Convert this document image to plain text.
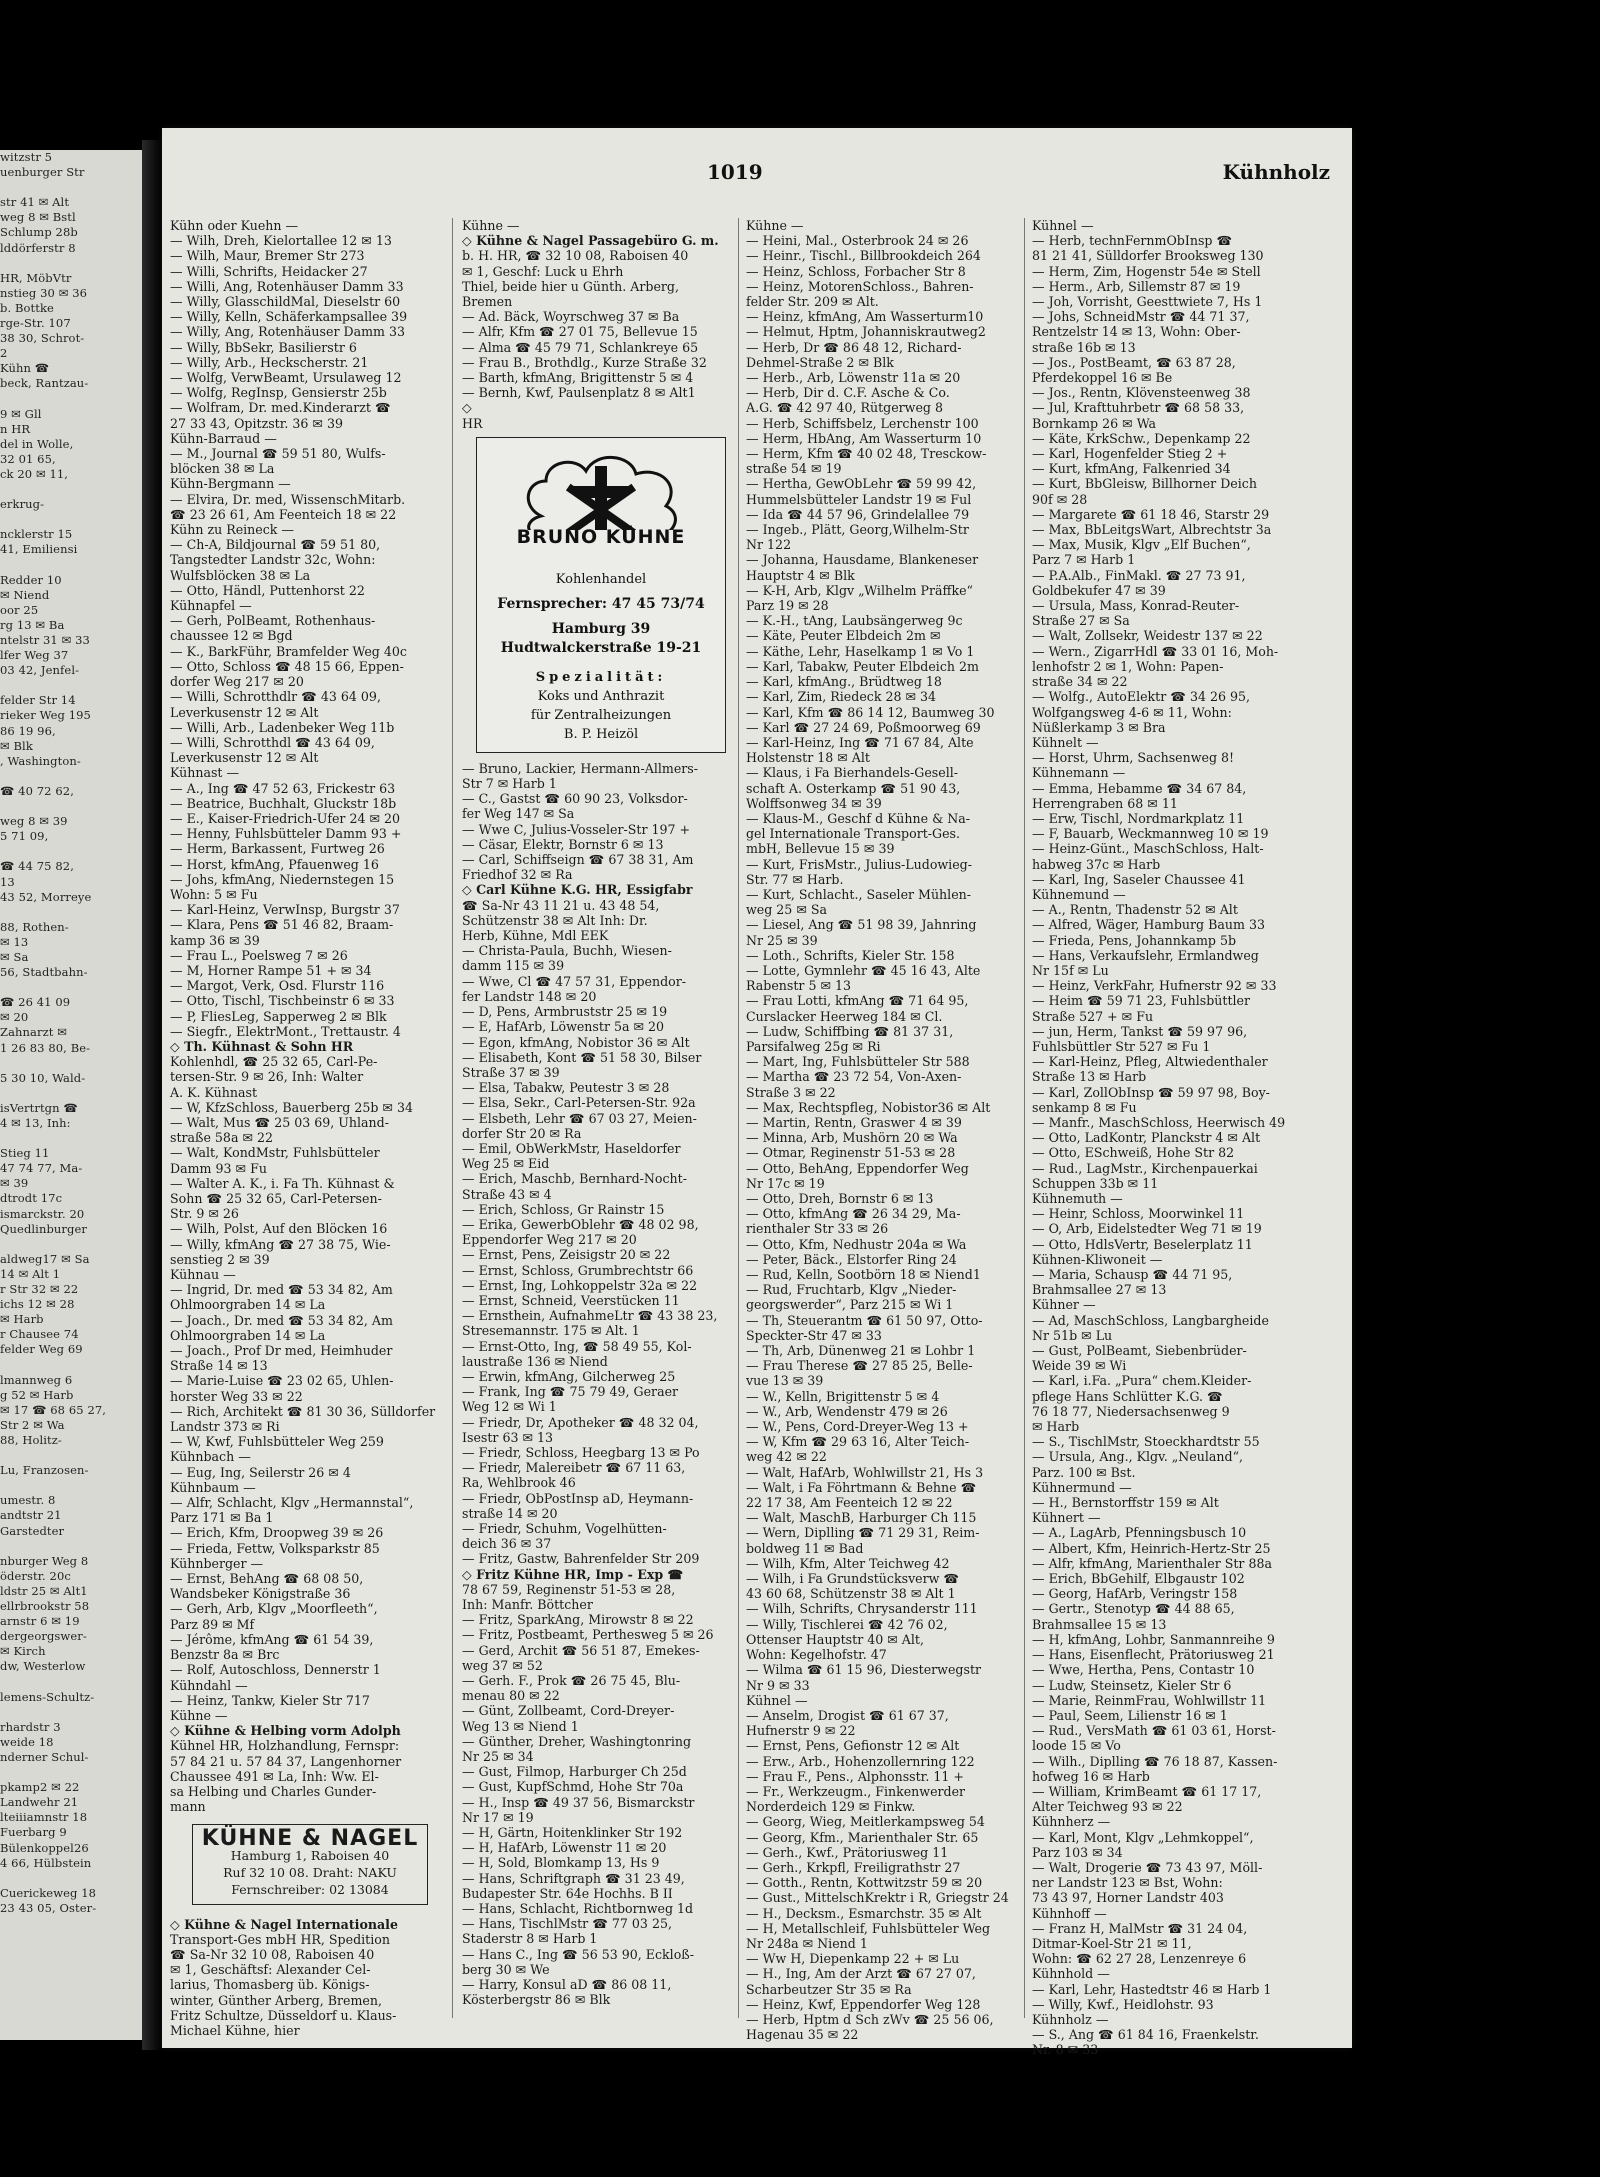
witzstr 5
uenburger Str

str 41 ✉ Alt
weg 8 ✉ Bstl
Schlump 28b
lddörferstr 8

HR, MöbVtr
nstieg 30 ✉ 36
b. Bottke
rge-Str. 107
38 30, Schrot-
2
Kühn ☎
beck, Rantzau-

9 ✉ Gll
n HR
del in Wolle,
32 01 65,
ck 20 ✉ 11,

erkrug-

ncklerstr 15
41, Emiliensi

Redder 10
✉ Niend
oor 25
rg 13 ✉ Ba
ntelstr 31 ✉ 33
lfer Weg 37
03 42, Jenfel-

felder Str 14
rieker Weg 195
86 19 96,
✉ Blk
, Washington-

☎ 40 72 62,

weg 8 ✉ 39
5 71 09,

☎ 44 75 82,
13
43 52, Morreye

88, Rothen-
✉ 13
✉ Sa
56, Stadtbahn-

☎ 26 41 09
✉ 20
Zahnarzt ✉
1 26 83 80, Be-

5 30 10, Wald-

isVertrtgn ☎
4 ✉ 13, Inh:

Stieg 11
47 74 77, Ma-
✉ 39
dtrodt 17c
ismarckstr. 20
Quedlinburger

aldweg17 ✉ Sa
14 ✉ Alt 1
r Str 32 ✉ 22
ichs 12 ✉ 28
✉ Harb
r Chausee 74
felder Weg 69

lmannweg 6
g 52 ✉ Harb
✉ 17 ☎ 68 65 27,
Str 2 ✉ Wa
88, Holitz-

Lu, Franzosen-

umestr. 8
andtstr 21
Garstedter

nburger Weg 8
öderstr. 20c
ldstr 25 ✉ Alt1
ellrbrookstr 58
arnstr 6 ✉ 19
dergeorgswer-
✉ Kirch
dw, Westerlow

lemens-Schultz-

rhardstr 3
weide 18
nderner Schul-

pkamp2 ✉ 22
Landwehr 21
lteiiiamnstr 18
Fuerbarg 9
Bülenkoppel26
4 66, Hülbstein

Cuerickeweg 18
23 43 05, Oster-
1019	Kühnholz
Kühn oder Kuehn —
— Wilh, Dreh, Kielortallee 12 ✉ 13
— Wilh, Maur, Bremer Str 273
— Willi, Schrifts, Heidacker 27
— Willi, Ang, Rotenhäuser Damm 33
— Willy, GlasschildMal, Dieselstr 60
— Willy, Kelln, Schäferkampsallee 39
— Willy, Ang, Rotenhäuser Damm 33
— Willy, BbSekr, Basilierstr 6
— Willy, Arb., Heckscherstr. 21
— Wolfg, VerwBeamt, Ursulaweg 12
— Wolfg, RegInsp, Gensierstr 25b
— Wolfram, Dr. med.Kinderarzt ☎
27 33 43, Opitzstr. 36 ✉ 39
Kühn-Barraud —
— M., Journal ☎ 59 51 80, Wulfs-
blöcken 38 ✉ La
Kühn-Bergmann —
— Elvira, Dr. med, WissenschMitarb.
☎ 23 26 61, Am Feenteich 18 ✉ 22
Kühn zu Reineck —
— Ch-A, Bildjournal ☎ 59 51 80,
Tangstedter Landstr 32c, Wohn:
Wulfsblöcken 38 ✉ La
— Otto, Händl, Puttenhorst 22
Kühnapfel —
— Gerh, PolBeamt, Rothenhaus-
chaussee 12 ✉ Bgd
— K., BarkFühr, Bramfelder Weg 40c
— Otto, Schloss ☎ 48 15 66, Eppen-
dorfer Weg 217 ✉ 20
— Willi, Schrotthdlr ☎ 43 64 09,
Leverkusenstr 12 ✉ Alt
— Willi, Arb., Ladenbeker Weg 11b
— Willi, Schrotthdl ☎ 43 64 09,
Leverkusenstr 12 ✉ Alt
Kühnast —
— A., Ing ☎ 47 52 63, Frickestr 63
— Beatrice, Buchhalt, Gluckstr 18b
— E., Kaiser-Friedrich-Ufer 24 ✉ 20
— Henny, Fuhlsbütteler Damm 93 +
— Herm, Barkassent, Furtweg 26
— Horst, kfmAng, Pfauenweg 16
— Johs, kfmAng, Niedernstegen 15
Wohn: 5 ✉ Fu
— Karl-Heinz, VerwInsp, Burgstr 37
— Klara, Pens ☎ 51 46 82, Braam-
kamp 36 ✉ 39
— Frau L., Poelsweg 7 ✉ 26
— M, Horner Rampe 51 + ✉ 34
— Margot, Verk, Osd. Flurstr 116
— Otto, Tischl, Tischbeinstr 6 ✉ 33
— P, FliesLeg, Sapperweg 2 ✉ Blk
— Siegfr., ElektrMont., Trettaustr. 4
◇ Th. Kühnast & Sohn HR
Kohlenhdl, ☎ 25 32 65, Carl-Pe-
tersen-Str. 9 ✉ 26, Inh: Walter
A. K. Kühnast
— W, KfzSchloss, Bauerberg 25b ✉ 34
— Walt, Mus ☎ 25 03 69, Uhland-
straße 58a ✉ 22
— Walt, KondMstr, Fuhlsbütteler
Damm 93 ✉ Fu
— Walter A. K., i. Fa Th. Kühnast &
Sohn ☎ 25 32 65, Carl-Petersen-
Str. 9 ✉ 26
— Wilh, Polst, Auf den Blöcken 16
— Willy, kfmAng ☎ 27 38 75, Wie-
senstieg 2 ✉ 39
Kühnau —
— Ingrid, Dr. med ☎ 53 34 82, Am
Ohlmoorgraben 14 ✉ La
— Joach., Dr. med ☎ 53 34 82, Am
Ohlmoorgraben 14 ✉ La
— Joach., Prof Dr med, Heimhuder
Straße 14 ✉ 13
— Marie-Luise ☎ 23 02 65, Uhlen-
horster Weg 33 ✉ 22
— Rich, Architekt ☎ 81 30 36, Sülldorfer
Landstr 373 ✉ Ri
— W, Kwf, Fuhlsbütteler Weg 259
Kühnbach —
— Eug, Ing, Seilerstr 26 ✉ 4
Kühnbaum —
— Alfr, Schlacht, Klgv „Hermannstal“,
Parz 171 ✉ Ba 1
— Erich, Kfm, Droopweg 39 ✉ 26
— Frieda, Fettw, Volksparkstr 85
Kühnberger —
— Ernst, BehAng ☎ 68 08 50,
Wandsbeker Königstraße 36
— Gerh, Arb, Klgv „Moorfleeth“,
Parz 89 ✉ Mf
— Jérôme, kfmAng ☎ 61 54 39,
Benzstr 8a ✉ Brc
— Rolf, Autoschloss, Dennerstr 1
Kühndahl —
— Heinz, Tankw, Kieler Str 717
Kühne —
◇ Kühne & Helbing vorm Adolph
Kühnel HR, Holzhandlung, Fernspr:
57 84 21 u. 57 84 37, Langenhorner
Chaussee 491 ✉ La, Inh: Ww. El-
sa Helbing und Charles Gunder-
mann
KÜHNE & NAGEL
Hamburg 1, Raboisen 40
Ruf 32 10 08. Draht: NAKU
Fernschreiber: 02 13084
◇ Kühne & Nagel Internationale
Transport-Ges mbH HR, Spedition
☎ Sa-Nr 32 10 08, Raboisen 40
✉ 1, Geschäftsf: Alexander Cel-
larius, Thomasberg üb. Königs-
winter, Günther Arberg, Bremen,
Fritz Schultze, Düsseldorf u. Klaus-
Michael Kühne, hier
Kühne —
◇ Kühne & Nagel Passagebüro G. m.
b. H. HR, ☎ 32 10 08, Raboisen 40
✉ 1, Geschf: Luck u Ehrh
Thiel, beide hier u Günth. Arberg,
Bremen
— Ad. Bäck, Woyrschweg 37 ✉ Ba
— Alfr, Kfm ☎ 27 01 75, Bellevue 15
— Alma ☎ 45 79 71, Schlankreye 65
— Frau B., Brothdlg., Kurze Straße 32
— Barth, kfmAng, Brigittenstr 5 ✉ 4
— Bernh, Kwf, Paulsenplatz 8 ✉ Alt1
◇
HR
BRUNO KÜHNE
Kohlenhandel
Fernsprecher: 47 45 73/74
Hamburg 39
Hudtwalckerstraße 19-21
Spezialität:
Koks und Anthrazit
für Zentralheizungen
B. P. Heizöl
— Bruno, Lackier, Hermann-Allmers-
Str 7 ✉ Harb 1
— C., Gastst ☎ 60 90 23, Volksdor-
fer Weg 147 ✉ Sa
— Wwe C, Julius-Vosseler-Str 197 +
— Cäsar, Elektr, Bornstr 6 ✉ 13
— Carl, Schiffseign ☎ 67 38 31, Am
Friedhof 32 ✉ Ra
◇ Carl Kühne K.G. HR, Essigfabr
☎ Sa-Nr 43 11 21 u. 43 48 54,
Schützenstr 38 ✉ Alt Inh: Dr.
Herb, Kühne, Mdl EEK
— Christa-Paula, Buchh, Wiesen-
damm 115 ✉ 39
— Wwe, Cl ☎ 47 57 31, Eppendor-
fer Landstr 148 ✉ 20
— D, Pens, Armbruststr 25 ✉ 19
— E, HafArb, Löwenstr 5a ✉ 20
— Egon, kfmAng, Nobistor 36 ✉ Alt
— Elisabeth, Kont ☎ 51 58 30, Bilser
Straße 37 ✉ 39
— Elsa, Tabakw, Peutestr 3 ✉ 28
— Elsa, Sekr., Carl-Petersen-Str. 92a
— Elsbeth, Lehr ☎ 67 03 27, Meien-
dorfer Str 20 ✉ Ra
— Emil, ObWerkMstr, Haseldorfer
Weg 25 ✉ Eid
— Erich, Maschb, Bernhard-Nocht-
Straße 43 ✉ 4
— Erich, Schloss, Gr Rainstr 15
— Erika, GewerbOblehr ☎ 48 02 98,
Eppendorfer Weg 217 ✉ 20
— Ernst, Pens, Zeisigstr 20 ✉ 22
— Ernst, Schloss, Grumbrechtstr 66
— Ernst, Ing, Lohkoppelstr 32a ✉ 22
— Ernst, Schneid, Veerstücken 11
— Ernsthein, AufnahmeLtr ☎ 43 38 23,
Stresemannstr. 175 ✉ Alt. 1
— Ernst-Otto, Ing, ☎ 58 49 55, Kol-
laustraße 136 ✉ Niend
— Erwin, kfmAng, Gilcherweg 25
— Frank, Ing ☎ 75 79 49, Geraer
Weg 12 ✉ Wi 1
— Friedr, Dr, Apotheker ☎ 48 32 04,
Isestr 63 ✉ 13
— Friedr, Schloss, Heegbarg 13 ✉ Po
— Friedr, Malereibetr ☎ 67 11 63,
Ra, Wehlbrook 46
— Friedr, ObPostInsp aD, Heymann-
straße 14 ✉ 20
— Friedr, Schuhm, Vogelhütten-
deich 36 ✉ 37
— Fritz, Gastw, Bahrenfelder Str 209
◇ Fritz Kühne HR, Imp - Exp ☎
78 67 59, Reginenstr 51-53 ✉ 28,
Inh: Manfr. Böttcher
— Fritz, SparkAng, Mirowstr 8 ✉ 22
— Fritz, Postbeamt, Perthesweg 5 ✉ 26
— Gerd, Archit ☎ 56 51 87, Emekes-
weg 37 ✉ 52
— Gerh. F., Prok ☎ 26 75 45, Blu-
menau 80 ✉ 22
— Günt, Zollbeamt, Cord-Dreyer-
Weg 13 ✉ Niend 1
— Günther, Dreher, Washingtonring
Nr 25 ✉ 34
— Gust, Filmop, Harburger Ch 25d
— Gust, KupfSchmd, Hohe Str 70a
— H., Insp ☎ 49 37 56, Bismarckstr
Nr 17 ✉ 19
— H, Gärtn, Hoitenklinker Str 192
— H, HafArb, Löwenstr 11 ✉ 20
— H, Sold, Blomkamp 13, Hs 9
— Hans, Schriftgraph ☎ 31 23 49,
Budapester Str. 64e Hochhs. B II
— Hans, Schlacht, Richtbornweg 1d
— Hans, TischlMstr ☎ 77 03 25,
Staderstr 8 ✉ Harb 1
— Hans C., Ing ☎ 56 53 90, Eckloß-
berg 30 ✉ We
— Harry, Konsul aD ☎ 86 08 11,
Kösterbergstr 86 ✉ Blk
Kühne —
— Heini, Mal., Osterbrook 24 ✉ 26
— Heinr., Tischl., Billbrookdeich 264
— Heinz, Schloss, Forbacher Str 8
— Heinz, MotorenSchloss., Bahren-
felder Str. 209 ✉ Alt.
— Heinz, kfmAng, Am Wasserturm10
— Helmut, Hptm, Johanniskrautweg2
— Herb, Dr ☎ 86 48 12, Richard-
Dehmel-Straße 2 ✉ Blk
— Herb., Arb, Löwenstr 11a ✉ 20
— Herb, Dir d. C.F. Asche & Co.
A.G. ☎ 42 97 40, Rütgerweg 8
— Herb, Schiffsbelz, Lerchenstr 100
— Herm, HbAng, Am Wasserturm 10
— Herm, Kfm ☎ 40 02 48, Tresckow-
straße 54 ✉ 19
— Hertha, GewObLehr ☎ 59 99 42,
Hummelsbütteler Landstr 19 ✉ Ful
— Ida ☎ 44 57 96, Grindelallee 79
— Ingeb., Plätt, Georg,Wilhelm-Str
Nr 122
— Johanna, Hausdame, Blankeneser
Hauptstr 4 ✉ Blk
— K-H, Arb, Klgv „Wilhelm Präffke“
Parz 19 ✉ 28
— K.-H., tAng, Laubsängerweg 9c
— Käte, Peuter Elbdeich 2m ✉
— Käthe, Lehr, Haselkamp 1 ✉ Vo 1
— Karl, Tabakw, Peuter Elbdeich 2m
— Karl, kfmAng., Brüdtweg 18
— Karl, Zim, Riedeck 28 ✉ 34
— Karl, Kfm ☎ 86 14 12, Baumweg 30
— Karl ☎ 27 24 69, Poßmoorweg 69
— Karl-Heinz, Ing ☎ 71 67 84, Alte
Holstenstr 18 ✉ Alt
— Klaus, i Fa Bierhandels-Gesell-
schaft A. Osterkamp ☎ 51 90 43,
Wolffsonweg 34 ✉ 39
— Klaus-M., Geschf d Kühne & Na-
gel Internationale Transport-Ges.
mbH, Bellevue 15 ✉ 39
— Kurt, FrisMstr., Julius-Ludowieg-
Str. 77 ✉ Harb.
— Kurt, Schlacht., Saseler Mühlen-
weg 25 ✉ Sa
— Liesel, Ang ☎ 51 98 39, Jahnring
Nr 25 ✉ 39
— Loth., Schrifts, Kieler Str. 158
— Lotte, Gymnlehr ☎ 45 16 43, Alte
Rabenstr 5 ✉ 13
— Frau Lotti, kfmAng ☎ 71 64 95,
Curslacker Heerweg 184 ✉ Cl.
— Ludw, Schiffbing ☎ 81 37 31,
Parsifalweg 25g ✉ Ri
— Mart, Ing, Fuhlsbütteler Str 588
— Martha ☎ 23 72 54, Von-Axen-
Straße 3 ✉ 22
— Max, Rechtspfleg, Nobistor36 ✉ Alt
— Martin, Rentn, Graswег 4 ✉ 39
— Minna, Arb, Mushörn 20 ✉ Wa
— Otmar, Reginenstr 51-53 ✉ 28
— Otto, BehAng, Eppendorfer Weg
Nr 17c ✉ 19
— Otto, Dreh, Bornstr 6 ✉ 13
— Otto, kfmAng ☎ 26 34 29, Ma-
rienthaler Str 33 ✉ 26
— Otto, Kfm, Nedhustr 204a ✉ Wa
— Peter, Bäck., Elstorfer Ring 24
— Rud, Kelln, Sootbörn 18 ✉ Niend1
— Rud, Fruchtarb, Klgv „Nieder-
georgswerder“, Parz 215 ✉ Wi 1
— Th, Steuerantm ☎ 61 50 97, Otto-
Speckter-Str 47 ✉ 33
— Th, Arb, Dünenweg 21 ✉ Lohbr 1
— Frau Therese ☎ 27 85 25, Belle-
vue 13 ✉ 39
— W., Kelln, Brigittenstr 5 ✉ 4
— W., Arb, Wendenstr 479 ✉ 26
— W., Pens, Cord-Dreyer-Weg 13 +
— W, Kfm ☎ 29 63 16, Alter Teich-
weg 42 ✉ 22
— Walt, HafArb, Wohlwillstr 21, Hs 3
— Walt, i Fa Föhrtmann & Behne ☎
22 17 38, Am Feenteich 12 ✉ 22
— Walt, MaschB, Harburger Ch 115
— Wern, Diplling ☎ 71 29 31, Reim-
boldweg 11 ✉ Bad
— Wilh, Kfm, Alter Teichweg 42
— Wilh, i Fa Grundstücksverw ☎
43 60 68, Schützenstr 38 ✉ Alt 1
— Wilh, Schrifts, Chrysanderstr 111
— Willy, Tischlerei ☎ 42 76 02,
Ottenser Hauptstr 40 ✉ Alt,
Wohn: Kegelhofstr. 47
— Wilma ☎ 61 15 96, Diesterwegstr
Nr 9 ✉ 33
Kühnel —
— Anselm, Drogist ☎ 61 67 37,
Hufnerstr 9 ✉ 22
— Ernst, Pens, Gefionstr 12 ✉ Alt
— Erw., Arb., Hohenzollernring 122
— Frau F., Pens., Alphonsstr. 11 +
— Fr., Werkzeugm., Finkenwerder
Norderdeich 129 ✉ Finkw.
— Georg, Wieg, Meitlerkampsweg 54
— Georg, Kfm., Marienthaler Str. 65
— Gerh., Kwf., Prätoriusweg 11
— Gerh., Krkpfl, Freiligrathstr 27
— Gotth., Rentn, Kottwitzstr 59 ✉ 20
— Gust., MittelschKrektr i R, Griegstr 24
— H., Decksm., Esmarchstr. 35 ✉ Alt
— H, Metallschleif, Fuhlsbütteler Weg
Nr 248a ✉ Niend 1
— Ww H, Diepenkamp 22 + ✉ Lu
— H., Ing, Am der Arzt ☎ 67 27 07,
Scharbeutzer Str 35 ✉ Ra
— Heinz, Kwf, Eppendorfer Weg 128
— Herb, Hptm d Sch zWv ☎ 25 56 06,
Hagenau 35 ✉ 22
Kühnel —
— Herb, technFernmObInsp ☎
81 21 41, Sülldorfer Brooksweg 130
— Herm, Zim, Hogenstr 54e ✉ Stell
— Herm., Arb, Sillemstr 87 ✉ 19
— Joh, Vorrisht, Geesttwiete 7, Hs 1
— Johs, SchneidMstr ☎ 44 71 37,
Rentzelstr 14 ✉ 13, Wohn: Ober-
straße 16b ✉ 13
— Jos., PostBeamt, ☎ 63 87 28,
Pferdekoppel 16 ✉ Be
— Jos., Rentn, Klövensteenweg 38
— Jul, Krafttuhrbetr ☎ 68 58 33,
Bornkamp 26 ✉ Wa
— Käte, KrkSchw., Depenkamp 22
— Karl, Hogenfelder Stieg 2 +
— Kurt, kfmAng, Falkenried 34
— Kurt, BbGleisw, Billhorner Deich
90f ✉ 28
— Margarete ☎ 61 18 46, Starstr 29
— Max, BbLeitgsWart, Albrechtstr 3a
— Max, Musik, Klgv „Elf Buchen“,
Parz 7 ✉ Harb 1
— P.A.Alb., FinMakl. ☎ 27 73 91,
Goldbekufer 47 ✉ 39
— Ursula, Mass, Konrad-Reuter-
Straße 27 ✉ Sa
— Walt, Zollsekr, Weidestr 137 ✉ 22
— Wern., ZigarrHdl ☎ 33 01 16, Moh-
lenhofstr 2 ✉ 1, Wohn: Papen-
straße 34 ✉ 22
— Wolfg., AutoElektr ☎ 34 26 95,
Wolfgangsweg 4-6 ✉ 11, Wohn:
Nüßlerkamp 3 ✉ Bra
Kühnelt —
— Horst, Uhrm, Sachsenweg 8!
Kühnemann —
— Emma, Hebamme ☎ 34 67 84,
Herrengraben 68 ✉ 11
— Erw, Tischl, Nordmarkplatz 11
— F, Bauarb, Weckmannweg 10 ✉ 19
— Heinz-Günt., MaschSchloss, Halt-
habweg 37c ✉ Harb
— Karl, Ing, Saseler Chaussee 41
Kühnemund —
— A., Rentn, Thadenstr 52 ✉ Alt
— Alfred, Wäger, Hamburg Baum 33
— Frieda, Pens, Johannkamp 5b
— Hans, Verkaufslehr, Ermlandweg
Nr 15f ✉ Lu
— Heinz, VerkFahr, Hufnerstr 92 ✉ 33
— Heim ☎ 59 71 23, Fuhlsbüttler
Straße 527 + ✉ Fu
— jun, Herm, Tankst ☎ 59 97 96,
Fuhlsbüttler Str 527 ✉ Fu 1
— Karl-Heinz, Pfleg, Altwiedenthaler
Straße 13 ✉ Harb
— Karl, ZollObInsp ☎ 59 97 98, Boy-
senkamp 8 ✉ Fu
— Manfr., MaschSchloss, Heerwisch 49
— Otto, LadKontr, Planckstr 4 ✉ Alt
— Otto, ESchweiß, Hohe Str 82
— Rud., LagMstr., Kirchenpauerkai
Schuppen 33b ✉ 11
Kühnemuth —
— Heinr, Schloss, Moorwinkel 11
— O, Arb, Eidelstedter Weg 71 ✉ 19
— Otto, HdlsVertr, Beselerplatz 11
Kühnen-Kliwoneit —
— Maria, Schausp ☎ 44 71 95,
Brahmsallee 27 ✉ 13
Kühner —
— Ad, MaschSchloss, Langbargheide
Nr 51b ✉ Lu
— Gust, PolBeamt, Siebenbrüder-
Weide 39 ✉ Wi
— Karl, i.Fa. „Pura“ chem.Kleider-
pflege Hans Schlütter K.G. ☎
76 18 77, Niedersachsenweg 9
✉ Harb
— S., TischlMstr, Stoeckhardtstr 55
— Ursula, Ang., Klgv. „Neuland“,
Parz. 100 ✉ Bst.
Kühnermund —
— H., Bernstorffstr 159 ✉ Alt
Kühnert —
— A., LagArb, Pfenningsbusch 10
— Albert, Kfm, Heinrich-Hertz-Str 25
— Alfr, kfmAng, Marienthaler Str 88a
— Erich, BbGehilf, Elbgaustr 102
— Georg, HafArb, Veringstr 158
— Gertr., Stenotyp ☎ 44 88 65,
Brahmsallee 15 ✉ 13
— H, kfmAng, Lohbr, Sanmannreihe 9
— Hans, Eisenflecht, Prätoriusweg 21
— Wwe, Hertha, Pens, Contastr 10
— Ludw, Steinsetz, Kieler Str 6
— Marie, ReinmFrau, Wohlwillstr 11
— Paul, Seem, Lilienstr 16 ✉ 1
— Rud., VersMath ☎ 61 03 61, Horst-
loode 15 ✉ Vo
— Wilh., Diplling ☎ 76 18 87, Kassen-
hofweg 16 ✉ Harb
— William, KrimBeamt ☎ 61 17 17,
Alter Teichweg 93 ✉ 22
Kühnherz —
— Karl, Mont, Klgv „Lehmkoppel“,
Parz 103 ✉ 34
— Walt, Drogerie ☎ 73 43 97, Möll-
ner Landstr 123 ✉ Bst, Wohn:
73 43 97, Horner Landstr 403
Kühnhoff —
— Franz H, MalMstr ☎ 31 24 04,
Ditmar-Koel-Str 21 ✉ 11,
Wohn: ☎ 62 27 28, Lenzenreye 6
Kühnhold —
— Karl, Lehr, Hastedtstr 46 ✉ Harb 1
— Willy, Kwf., Heidlohstr. 93
Kühnholz —
— S., Ang ☎ 61 84 16, Fraenkelstr.
Nr. 8 ✉ 33
